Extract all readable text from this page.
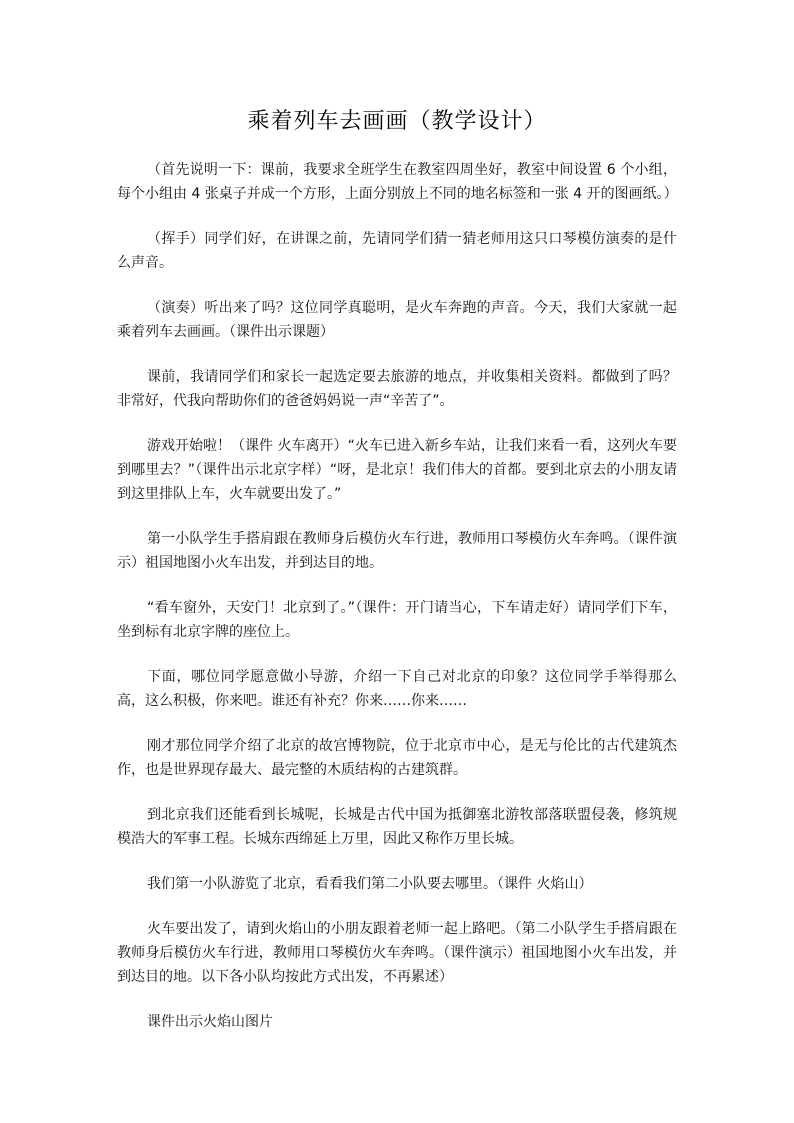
乘着列车去画画（教学设计）

（首先说明一下：课前，我要求全班学生在教室四周坐好，教室中间设置 6 个小组，每个小组由 4 张桌子并成一个方形，上面分别放上不同的地名标签和一张 4 开的图画纸。）

（挥手）同学们好，在讲课之前，先请同学们猜一猜老师用这只口琴模仿演奏的是什么声音。

（演奏）听出来了吗？这位同学真聪明，是火车奔跑的声音。今天，我们大家就一起乘着列车去画画。（课件出示课题）

课前，我请同学们和家长一起选定要去旅游的地点，并收集相关资料。都做到了吗？非常好，代我向帮助你们的爸爸妈妈说一声“辛苦了”。

游戏开始啦！（课件 火车离开）“火车已进入新乡车站，让我们来看一看，这列火车要到哪里去？”（课件出示北京字样）“呀，是北京！我们伟大的首都。要到北京去的小朋友请到这里排队上车，火车就要出发了。”

第一小队学生手搭肩跟在教师身后模仿火车行进，教师用口琴模仿火车奔鸣。（课件演示）祖国地图小火车出发，并到达目的地。

“看车窗外，天安门！北京到了。”（课件：开门请当心，下车请走好）请同学们下车，坐到标有北京字牌的座位上。

下面，哪位同学愿意做小导游，介绍一下自己对北京的印象？这位同学手举得那么高，这么积极，你来吧。谁还有补充？你来……你来……

刚才那位同学介绍了北京的故宫博物院，位于北京市中心，是无与伦比的古代建筑杰作，也是世界现存最大、最完整的木质结构的古建筑群。

到北京我们还能看到长城呢，长城是古代中国为抵御塞北游牧部落联盟侵袭，修筑规模浩大的军事工程。长城东西绵延上万里，因此又称作万里长城。

我们第一小队游览了北京，看看我们第二小队要去哪里。（课件 火焰山）

火车要出发了，请到火焰山的小朋友跟着老师一起上路吧。（第二小队学生手搭肩跟在教师身后模仿火车行进，教师用口琴模仿火车奔鸣。（课件演示）祖国地图小火车出发，并到达目的地。以下各小队均按此方式出发，不再累述）

课件出示火焰山图片
